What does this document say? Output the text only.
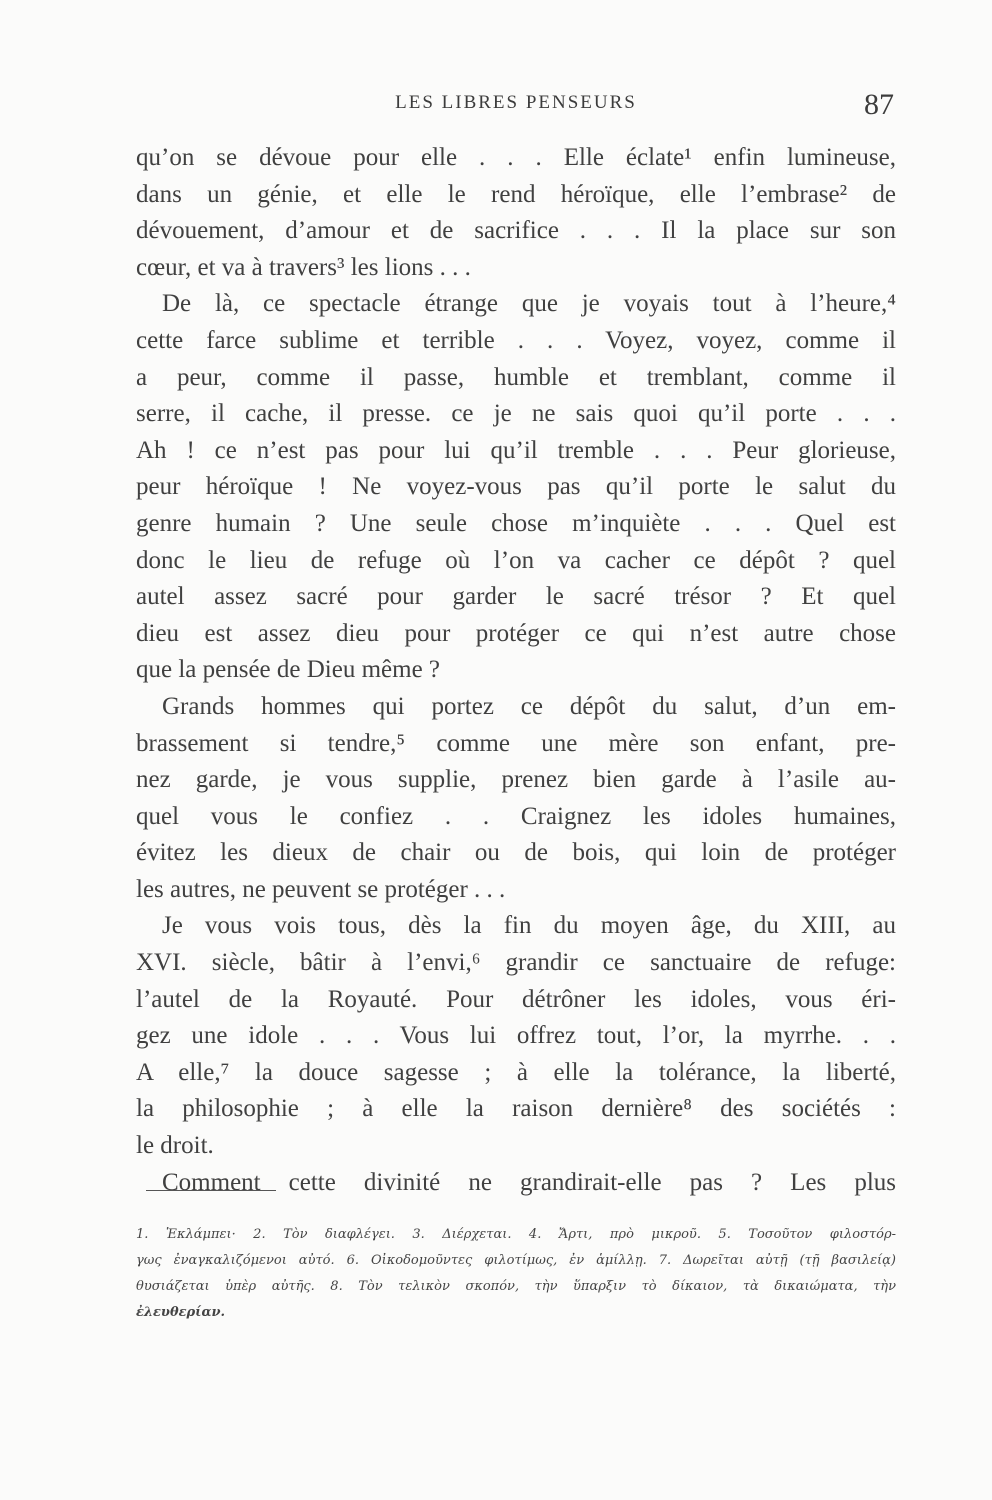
LES LIBRES PENSEURS	87
qu’on se dévoue pour elle . . . Elle éclate¹ enfin lumineuse,
dans un génie, et elle le rend héroïque, elle l’embrase² de
dévouement, d’amour et de sacrifice . . . Il la place sur son
cœur, et va à travers³ les lions . . .
De là, ce spectacle étrange que je voyais tout à l’heure,⁴
cette farce sublime et terrible . . . Voyez, voyez, comme il
a peur, comme il passe, humble et tremblant, comme il
serre, il cache, il presse. ce je ne sais quoi qu’il porte . . .
Ah ! ce n’est pas pour lui qu’il tremble . . . Peur glorieuse,
peur héroïque ! Ne voyez-vous pas qu’il porte le salut du
genre humain ? Une seule chose m’inquiète . . . Quel est
donc le lieu de refuge où l’on va cacher ce dépôt ? quel
autel assez sacré pour garder le sacré trésor ? Et quel
dieu est assez dieu pour protéger ce qui n’est autre chose
que la pensée de Dieu même ?
Grands hommes qui portez ce dépôt du salut, d’un em-
brassement si tendre,⁵ comme une mère son enfant, pre-
nez garde, je vous supplie, prenez bien garde à l’asile au-
quel vous le confiez . . Craignez les idoles humaines,
évitez les dieux de chair ou de bois, qui loin de protéger
les autres, ne peuvent se protéger . . .
Je vous vois tous, dès la fin du moyen âge, du XIII, au
XVI. siècle, bâtir à l’envi,⁶ grandir ce sanctuaire de refuge:
l’autel de la Royauté. Pour détrôner les idoles, vous éri-
gez une idole . . . Vous lui offrez tout, l’or, la myrrhe. . .
A elle,⁷ la douce sagesse ; à elle la tolérance, la liberté,
la philosophie ; à elle la raison dernière⁸ des sociétés :
le droit.
Comment cette divinité ne grandirait-elle pas ? Les plus
1. Ἐκλάμπει· 2. Τὸν διαφλέγει. 3. Διέρχεται. 4. Ἄρτι, πρὸ μικροῦ. 5. Τοσοῦτον φιλοστόρ-
γως ἐναγκαλιζόμενοι αὐτό. 6. Οἰκοδομοῦντες φιλοτίμως, ἐν ἁμίλλῃ. 7. Δωρεῖται αὐτῇ (τῇ βασιλείᾳ)
θυσιάζεται ὑπὲρ αὐτῆς. 8. Τὸν τελικὸν σκοπόν, τὴν ὕπαρξιν τὸ δίκαιον, τὰ δικαιώματα, τὴν
ἐλευθερίαν.
